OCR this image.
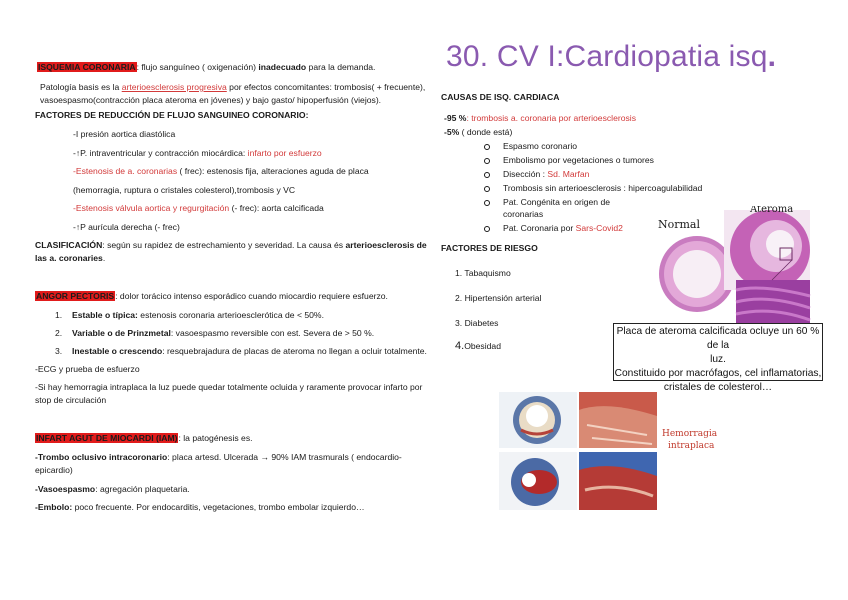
ISQUEMIA CORONARIA: flujo sanguíneo ( oxigenación) inadecuado para la demanda.
Patología basis es la arterioesclerosis progresiva por efectos concomitantes: trombosis( + frecuente),
vasoespasmo(contracción placa ateroma en jóvenes) y bajo gasto/ hipoperfusión (viejos).
FACTORES DE REDUCCIÓN DE FLUJO SANGUINEO CORONARIO:
-I presión aortica diastólica
-↑P. intraventricular y contracción miocárdica: infarto por esfuerzo
-Estenosis de a. coronarias ( frec): estenosis fija, alteraciones aguda de placa
(hemorragia, ruptura o cristales colesterol),trombosis y VC
-Estenosis válvula aortica y regurgitación (- frec): aorta calcificada
-↑P aurícula derecha (- frec)
CLASIFICACIÓN: según su rapidez de estrechamiento y severidad. La causa és arterioesclerosis de
las a. coronaries.
ANGOR PECTORIS: dolor torácico intenso esporádico cuando miocardio requiere esfuerzo.
1. Estable o típica: estenosis coronaria arterioesclerótica de < 50%.
2. Variable o de Prinzmetal: vasoespasmo reversible con est. Severa de > 50 %.
3. Inestable o crescendo: resquebrajadura de placas de ateroma no llegan a ocluir totalmente.
-ECG y prueba de esfuerzo
-Si hay hemorragia intraplaca la luz puede quedar totalmente ocluida y raramente provocar infarto por
stop de circulación
INFART AGUT DE MIOCARDI (IAM): la patogénesis es.
-Trombo oclusivo intracoronario: placa artesd. Ulcerada → 90% IAM trasmurals ( endocardio-
epicardio)
-Vasoespasmo: agregación plaquetaria.
-Embolo: poco frecuente. Por endocarditis, vegetaciones, trombo embolar izquierdo…
30. CV I:Cardiopatia isq.
CAUSAS DE ISQ. CARDIACA
-95 %: trombosis a. coronaria por arterioesclerosis
-5% ( donde está)
Espasmo coronario
Embolismo por vegetaciones o tumores
Disección : Sd. Marfan
Trombosis sin arterioesclerosis : hipercoagulabilidad
Pat. Congénita en origen de
coronarias
Pat. Coronaria por Sars-Covid2
FACTORES DE RIESGO
1. Tabaquismo
2. Hipertensión arterial
3. Diabetes
4.Obesidad
Normal
Ateroma
Placa de ateroma calcificada ocluye un 60 % de la
luz.
Constituido por macrófagos, cel inflamatorias,
cristales de colesterol…
Hemorragia
intraplaca
